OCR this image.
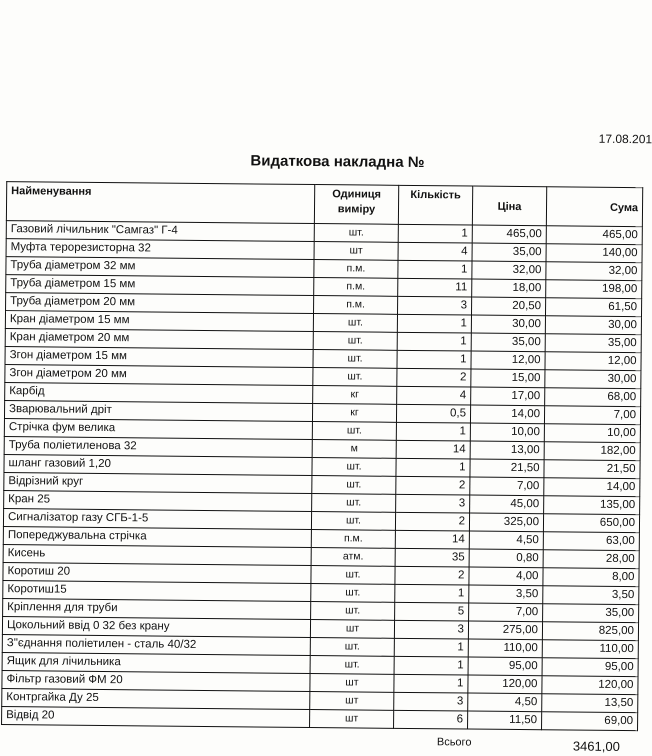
17.08.201
Видаткова накладна №
Найменування	Одиниця виміру	Кількість	Ціна	Сума
Газовий лічильник "Самгаз" Г-4	шт.	1	465,00	465,00
Муфта терорезисторна 32	шт	4	35,00	140,00
Труба діаметром 32 мм	п.м.	1	32,00	32,00
Труба діаметром 15 мм	п.м.	11	18,00	198,00
Труба діаметром 20 мм	п.м.	3	20,50	61,50
Кран діаметром 15 мм	шт.	1	30,00	30,00
Кран діаметром 20 мм	шт.	1	35,00	35,00
Згон діаметром 15 мм	шт.	1	12,00	12,00
Згон діаметром 20 мм	шт.	2	15,00	30,00
Карбід	кг	4	17,00	68,00
Зварювальний дріт	кг	0,5	14,00	7,00
Стрічка фум велика	шт.	1	10,00	10,00
Труба поліетиленова 32	м	14	13,00	182,00
шланг газовий 1,20	шт.	1	21,50	21,50
Відрізний круг	шт.	2	7,00	14,00
Кран 25	шт.	3	45,00	135,00
Сигналізатор газу СГБ-1-5	шт.	2	325,00	650,00
Попереджувальна стрічка	п.м.	14	4,50	63,00
Кисень	атм.	35	0,80	28,00
Коротиш 20	шт.	2	4,00	8,00
Коротиш15	шт.	1	3,50	3,50
Кріплення для труби	шт.	5	7,00	35,00
Цокольний ввід 0 32 без крану	шт	3	275,00	825,00
З"єднання поліетилен - сталь 40/32	шт.	1	110,00	110,00
Ящик для лічильника	шт.	1	95,00	95,00
Фільтр газовий ФМ 20	шт	1	120,00	120,00
Контргайка Ду 25	шт	3	4,50	13,50
Відвід 20	шт	6	11,50	69,00
Всього	3461,00
